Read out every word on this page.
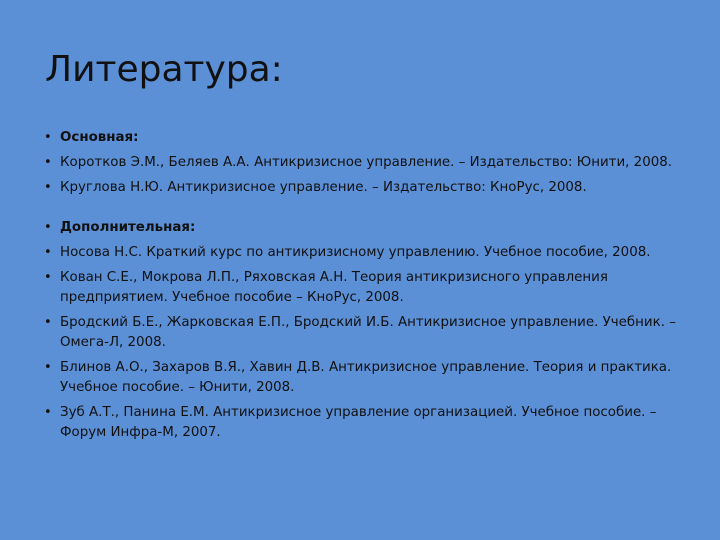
Литература:
• Основная:
• Коротков Э.М., Беляев А.А. Антикризисное управление. – Издательство: Юнити, 2008.
• Круглова Н.Ю. Антикризисное управление. – Издательство: КноРус, 2008.
• Дополнительная:
• Носова Н.С. Краткий курс по антикризисному управлению. Учебное пособие, 2008.
• Кован С.Е., Мокрова Л.П., Ряховская А.Н. Теория антикризисного управления предприятием. Учебное пособие – КноРус, 2008.
• Бродский Б.Е., Жарковская Е.П., Бродский И.Б. Антикризисное управление. Учебник. – Омега-Л, 2008.
• Блинов А.О., Захаров В.Я., Хавин Д.В. Антикризисное управление. Теория и практика. Учебное пособие. – Юнити, 2008.
• Зуб А.Т., Панина Е.М. Антикризисное управление организацией. Учебное пособие. – Форум Инфра-М, 2007.
